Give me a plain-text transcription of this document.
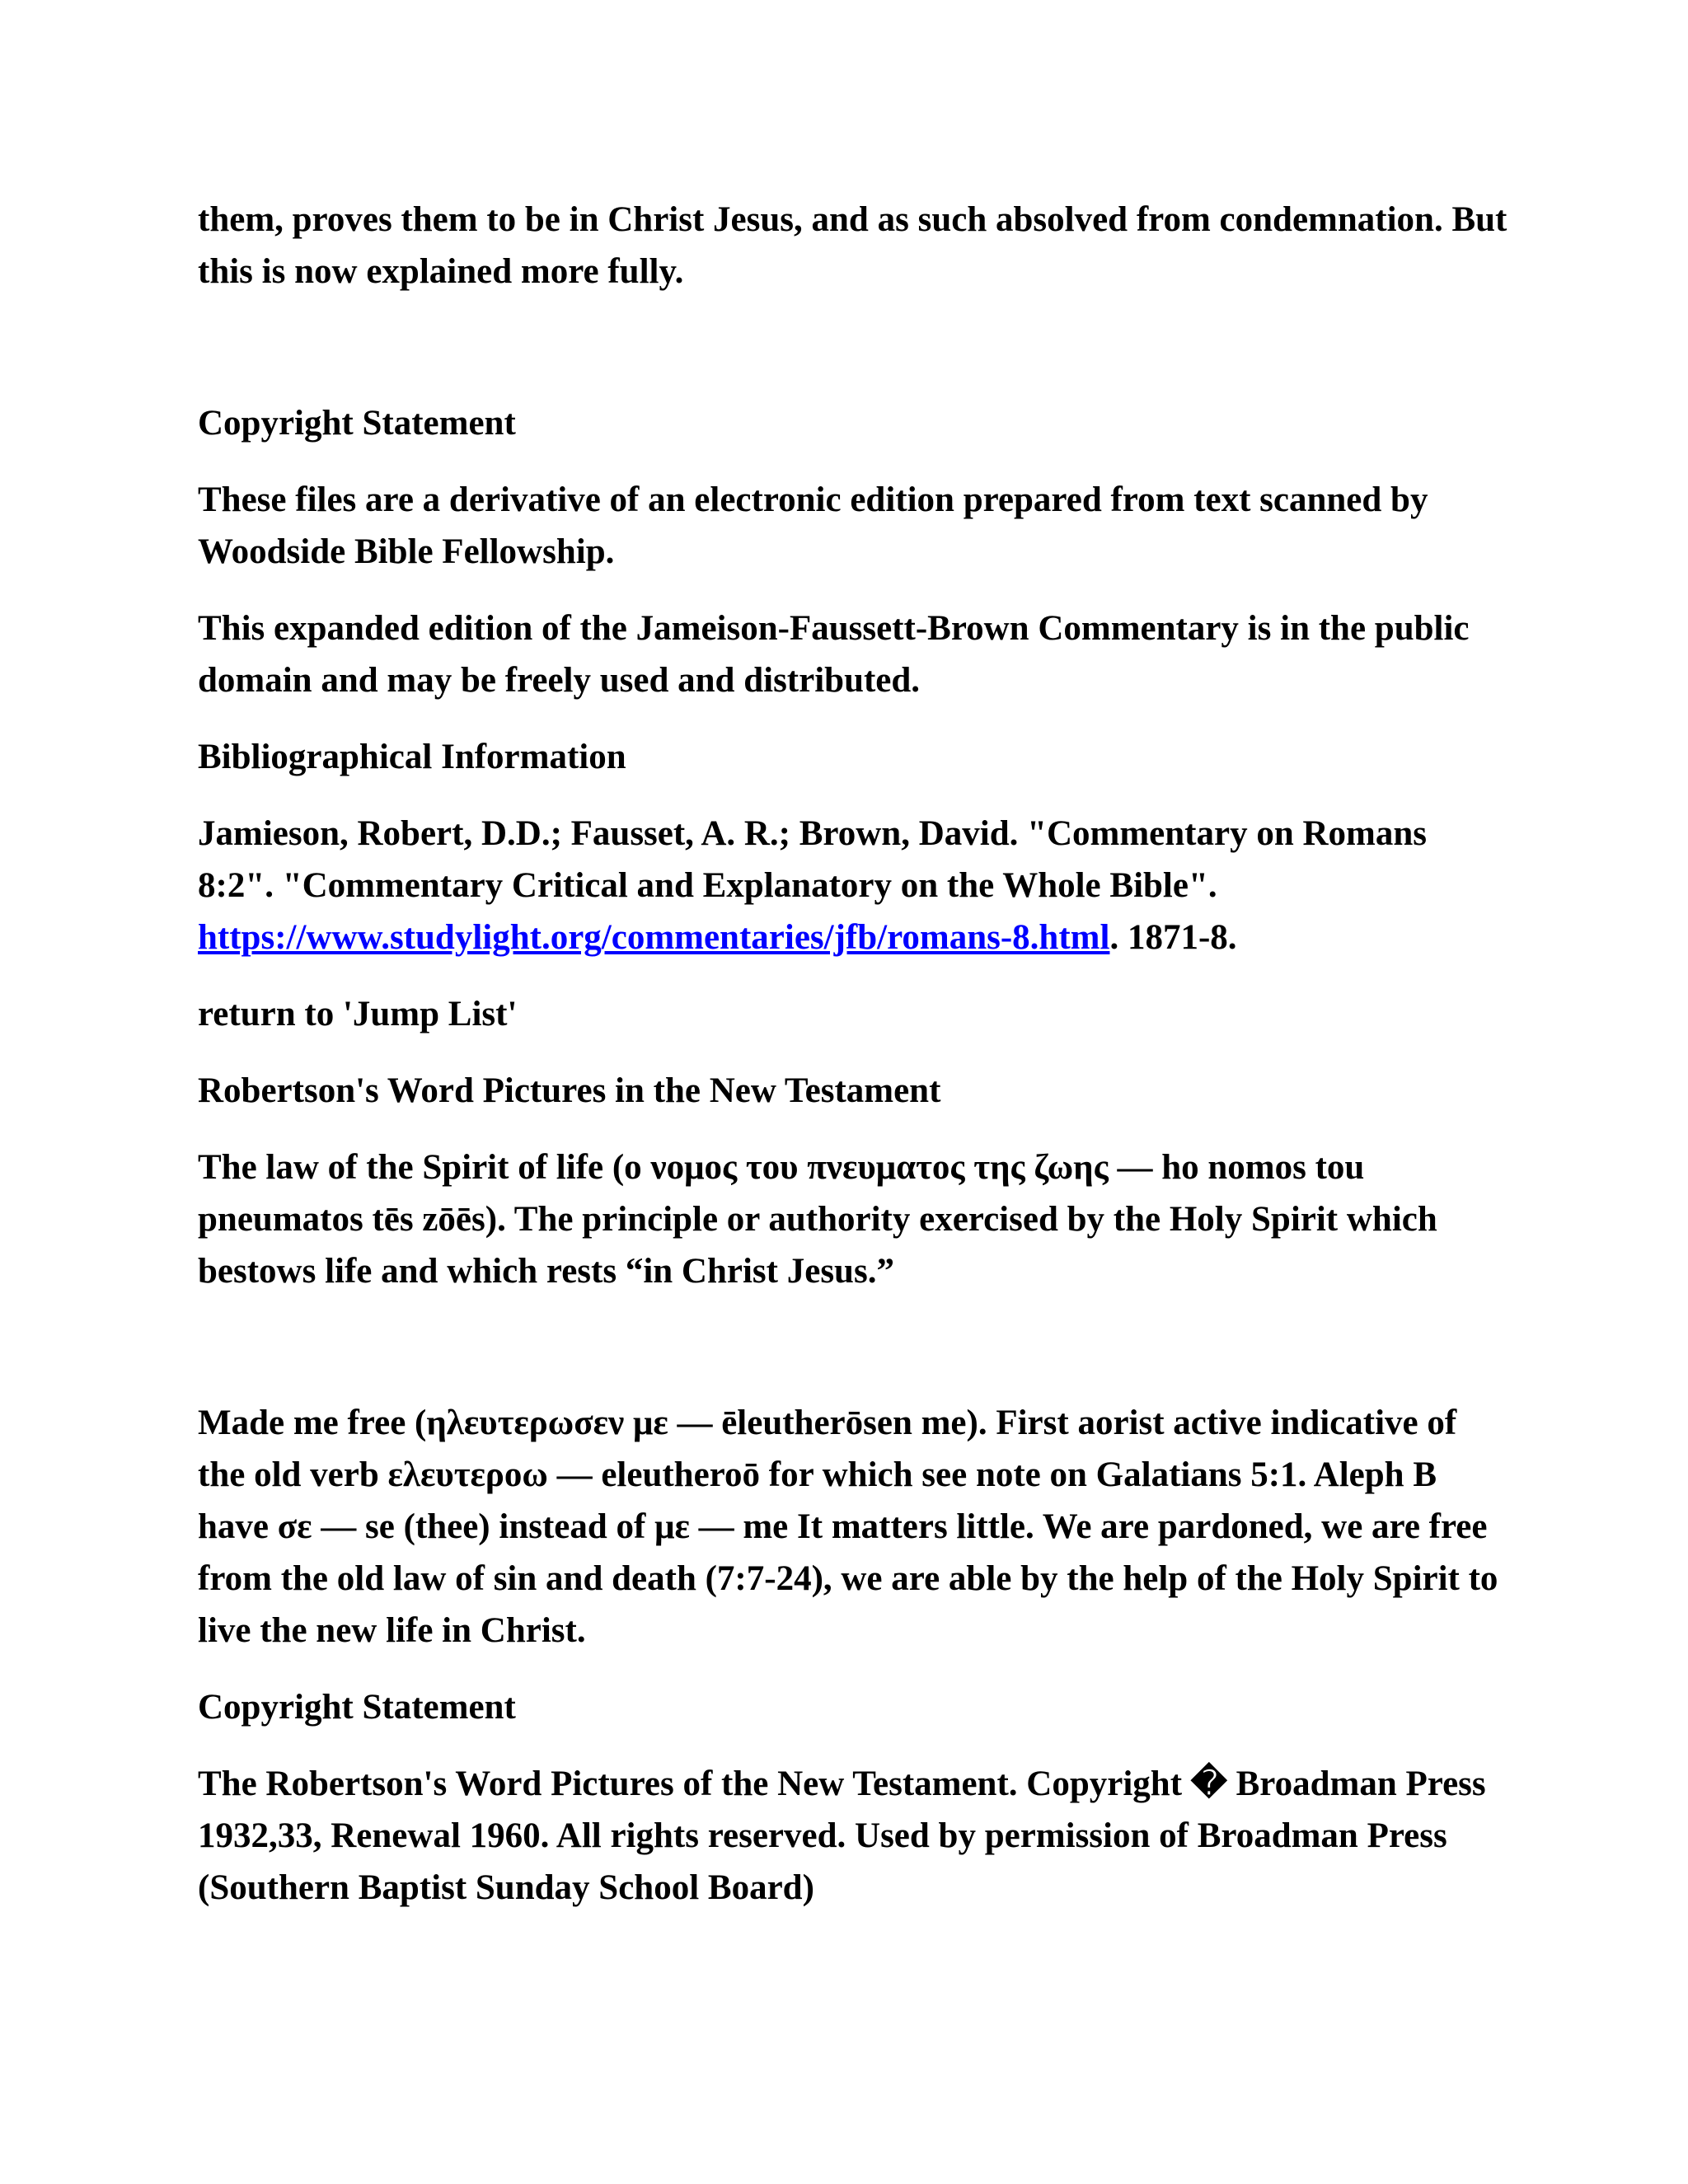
them, proves them to be in Christ Jesus, and as such absolved from condemnation. But this is now explained more fully.

Copyright Statement

These files are a derivative of an electronic edition prepared from text scanned by Woodside Bible Fellowship.

This expanded edition of the Jameison-Faussett-Brown Commentary is in the public domain and may be freely used and distributed.

Bibliographical Information

Jamieson, Robert, D.D.; Fausset, A. R.; Brown, David. "Commentary on Romans 8:2". "Commentary Critical and Explanatory on the Whole Bible". https://www.studylight.org/commentaries/jfb/romans-8.html. 1871-8.

return to 'Jump List'

Robertson's Word Pictures in the New Testament

The law of the Spirit of life (ο νομος του πνευματος της ζωης — ho nomos tou pneumatos tēs zōēs). The principle or authority exercised by the Holy Spirit which bestows life and which rests “in Christ Jesus.”

Made me free (ηλευτερωσεν με — ēleutherōsen me). First aorist active indicative of the old verb ελευτεροω — eleutheroō for which see note on Galatians 5:1. Aleph B have σε — se (thee) instead of με — me It matters little. We are pardoned, we are free from the old law of sin and death (7:7-24), we are able by the help of the Holy Spirit to live the new life in Christ.

Copyright Statement

The Robertson's Word Pictures of the New Testament. Copyright � Broadman Press 1932,33, Renewal 1960. All rights reserved. Used by permission of Broadman Press (Southern Baptist Sunday School Board)
